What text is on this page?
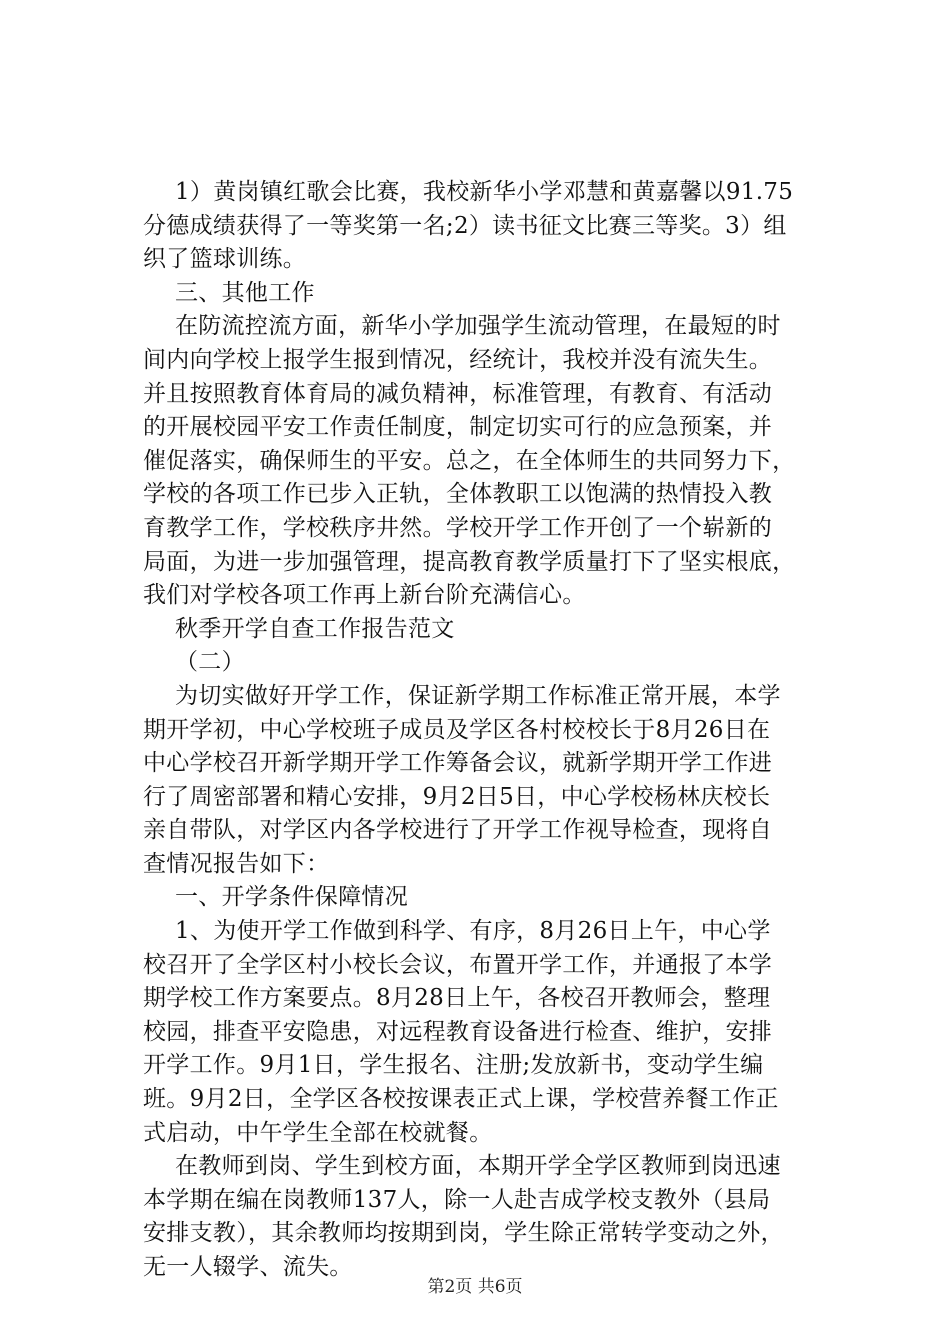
1）黄岗镇红歌会比赛，我校新华小学邓慧和黄嘉馨以91.75
分德成绩获得了一等奖第一名;2）读书征文比赛三等奖。3）组
织了篮球训练。
三、其他工作
在防流控流方面，新华小学加强学生流动管理，在最短的时
间内向学校上报学生报到情况，经统计，我校并没有流失生。
并且按照教育体育局的减负精神，标准管理，有教育、有活动
的开展校园平安工作责任制度，制定切实可行的应急预案，并
催促落实，确保师生的平安。总之，在全体师生的共同努力下，
学校的各项工作已步入正轨，全体教职工以饱满的热情投入教
育教学工作，学校秩序井然。学校开学工作开创了一个崭新的
局面，为进一步加强管理，提高教育教学质量打下了坚实根底，
我们对学校各项工作再上新台阶充满信心。
秋季开学自查工作报告范文
（二）
为切实做好开学工作，保证新学期工作标准正常开展，本学
期开学初，中心学校班子成员及学区各村校校长于8月26日在
中心学校召开新学期开学工作筹备会议，就新学期开学工作进
行了周密部署和精心安排，9月2日5日，中心学校杨林庆校长
亲自带队，对学区内各学校进行了开学工作视导检查，现将自
查情况报告如下：
一、开学条件保障情况
1、为使开学工作做到科学、有序，8月26日上午，中心学
校召开了全学区村小校长会议，布置开学工作，并通报了本学
期学校工作方案要点。8月28日上午，各校召开教师会，整理
校园，排查平安隐患，对远程教育设备进行检查、维护，安排
开学工作。9月1日，学生报名、注册;发放新书，变动学生编
班。9月2日，全学区各校按课表正式上课，学校营养餐工作正
式启动，中午学生全部在校就餐。
在教师到岗、学生到校方面，本期开学全学区教师到岗迅速
本学期在编在岗教师137人，除一人赴吉成学校支教外（县局
安排支教），其余教师均按期到岗，学生除正常转学变动之外，
无一人辍学、流失。
第2页 共6页
